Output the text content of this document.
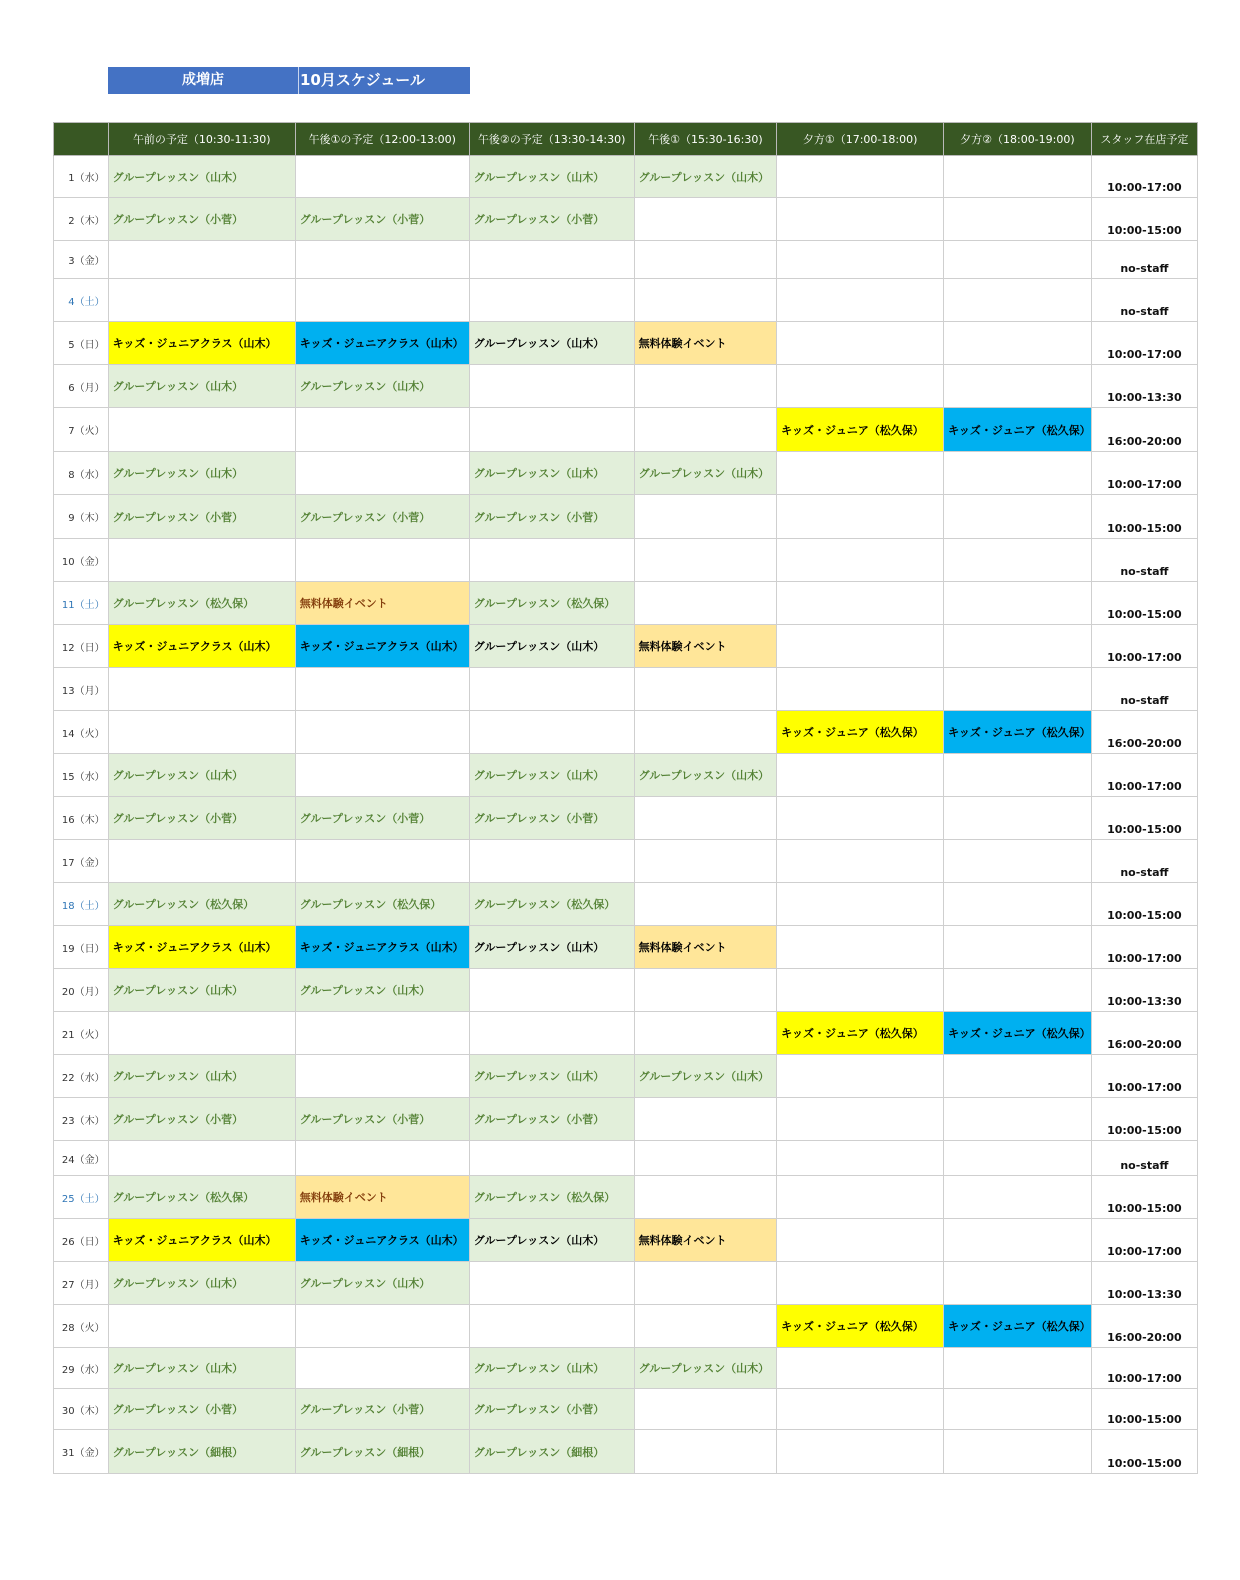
成増店	10月スケジュール
	午前の予定（10:30-11:30)	午後①の予定（12:00-13:00)	午後②の予定（13:30-14:30)	午後①（15:30-16:30)	夕方①（17:00-18:00)	夕方②（18:00-19:00)	スタッフ在店予定
1（水）	グループレッスン（山木）		グループレッスン（山木）	グループレッスン（山木）			10:00-17:00
2（木）	グループレッスン（小菅）	グループレッスン（小菅）	グループレッスン（小菅）				10:00-15:00
3（金）							no-staff
4（土）							no-staff
5（日）	キッズ・ジュニアクラス（山木）	キッズ・ジュニアクラス（山木）	グループレッスン（山木）	無料体験イベント			10:00-17:00
6（月）	グループレッスン（山木）	グループレッスン（山木）					10:00-13:30
7（火）					キッズ・ジュニア（松久保）	キッズ・ジュニア（松久保）	16:00-20:00
8（水）	グループレッスン（山木）		グループレッスン（山木）	グループレッスン（山木）			10:00-17:00
9（木）	グループレッスン（小菅）	グループレッスン（小菅）	グループレッスン（小菅）				10:00-15:00
10（金）							no-staff
11（土）	グループレッスン（松久保）	無料体験イベント	グループレッスン（松久保）				10:00-15:00
12（日）	キッズ・ジュニアクラス（山木）	キッズ・ジュニアクラス（山木）	グループレッスン（山木）	無料体験イベント			10:00-17:00
13（月）							no-staff
14（火）					キッズ・ジュニア（松久保）	キッズ・ジュニア（松久保）	16:00-20:00
15（水）	グループレッスン（山木）		グループレッスン（山木）	グループレッスン（山木）			10:00-17:00
16（木）	グループレッスン（小菅）	グループレッスン（小菅）	グループレッスン（小菅）				10:00-15:00
17（金）							no-staff
18（土）	グループレッスン（松久保）	グループレッスン（松久保）	グループレッスン（松久保）				10:00-15:00
19（日）	キッズ・ジュニアクラス（山木）	キッズ・ジュニアクラス（山木）	グループレッスン（山木）	無料体験イベント			10:00-17:00
20（月）	グループレッスン（山木）	グループレッスン（山木）					10:00-13:30
21（火）					キッズ・ジュニア（松久保）	キッズ・ジュニア（松久保）	16:00-20:00
22（水）	グループレッスン（山木）		グループレッスン（山木）	グループレッスン（山木）			10:00-17:00
23（木）	グループレッスン（小菅）	グループレッスン（小菅）	グループレッスン（小菅）				10:00-15:00
24（金）							no-staff
25（土）	グループレッスン（松久保）	無料体験イベント	グループレッスン（松久保）				10:00-15:00
26（日）	キッズ・ジュニアクラス（山木）	キッズ・ジュニアクラス（山木）	グループレッスン（山木）	無料体験イベント			10:00-17:00
27（月）	グループレッスン（山木）	グループレッスン（山木）					10:00-13:30
28（火）					キッズ・ジュニア（松久保）	キッズ・ジュニア（松久保）	16:00-20:00
29（水）	グループレッスン（山木）		グループレッスン（山木）	グループレッスン（山木）			10:00-17:00
30（木）	グループレッスン（小菅）	グループレッスン（小菅）	グループレッスン（小菅）				10:00-15:00
31（金）	グループレッスン（細根）	グループレッスン（細根）	グループレッスン（細根）				10:00-15:00
